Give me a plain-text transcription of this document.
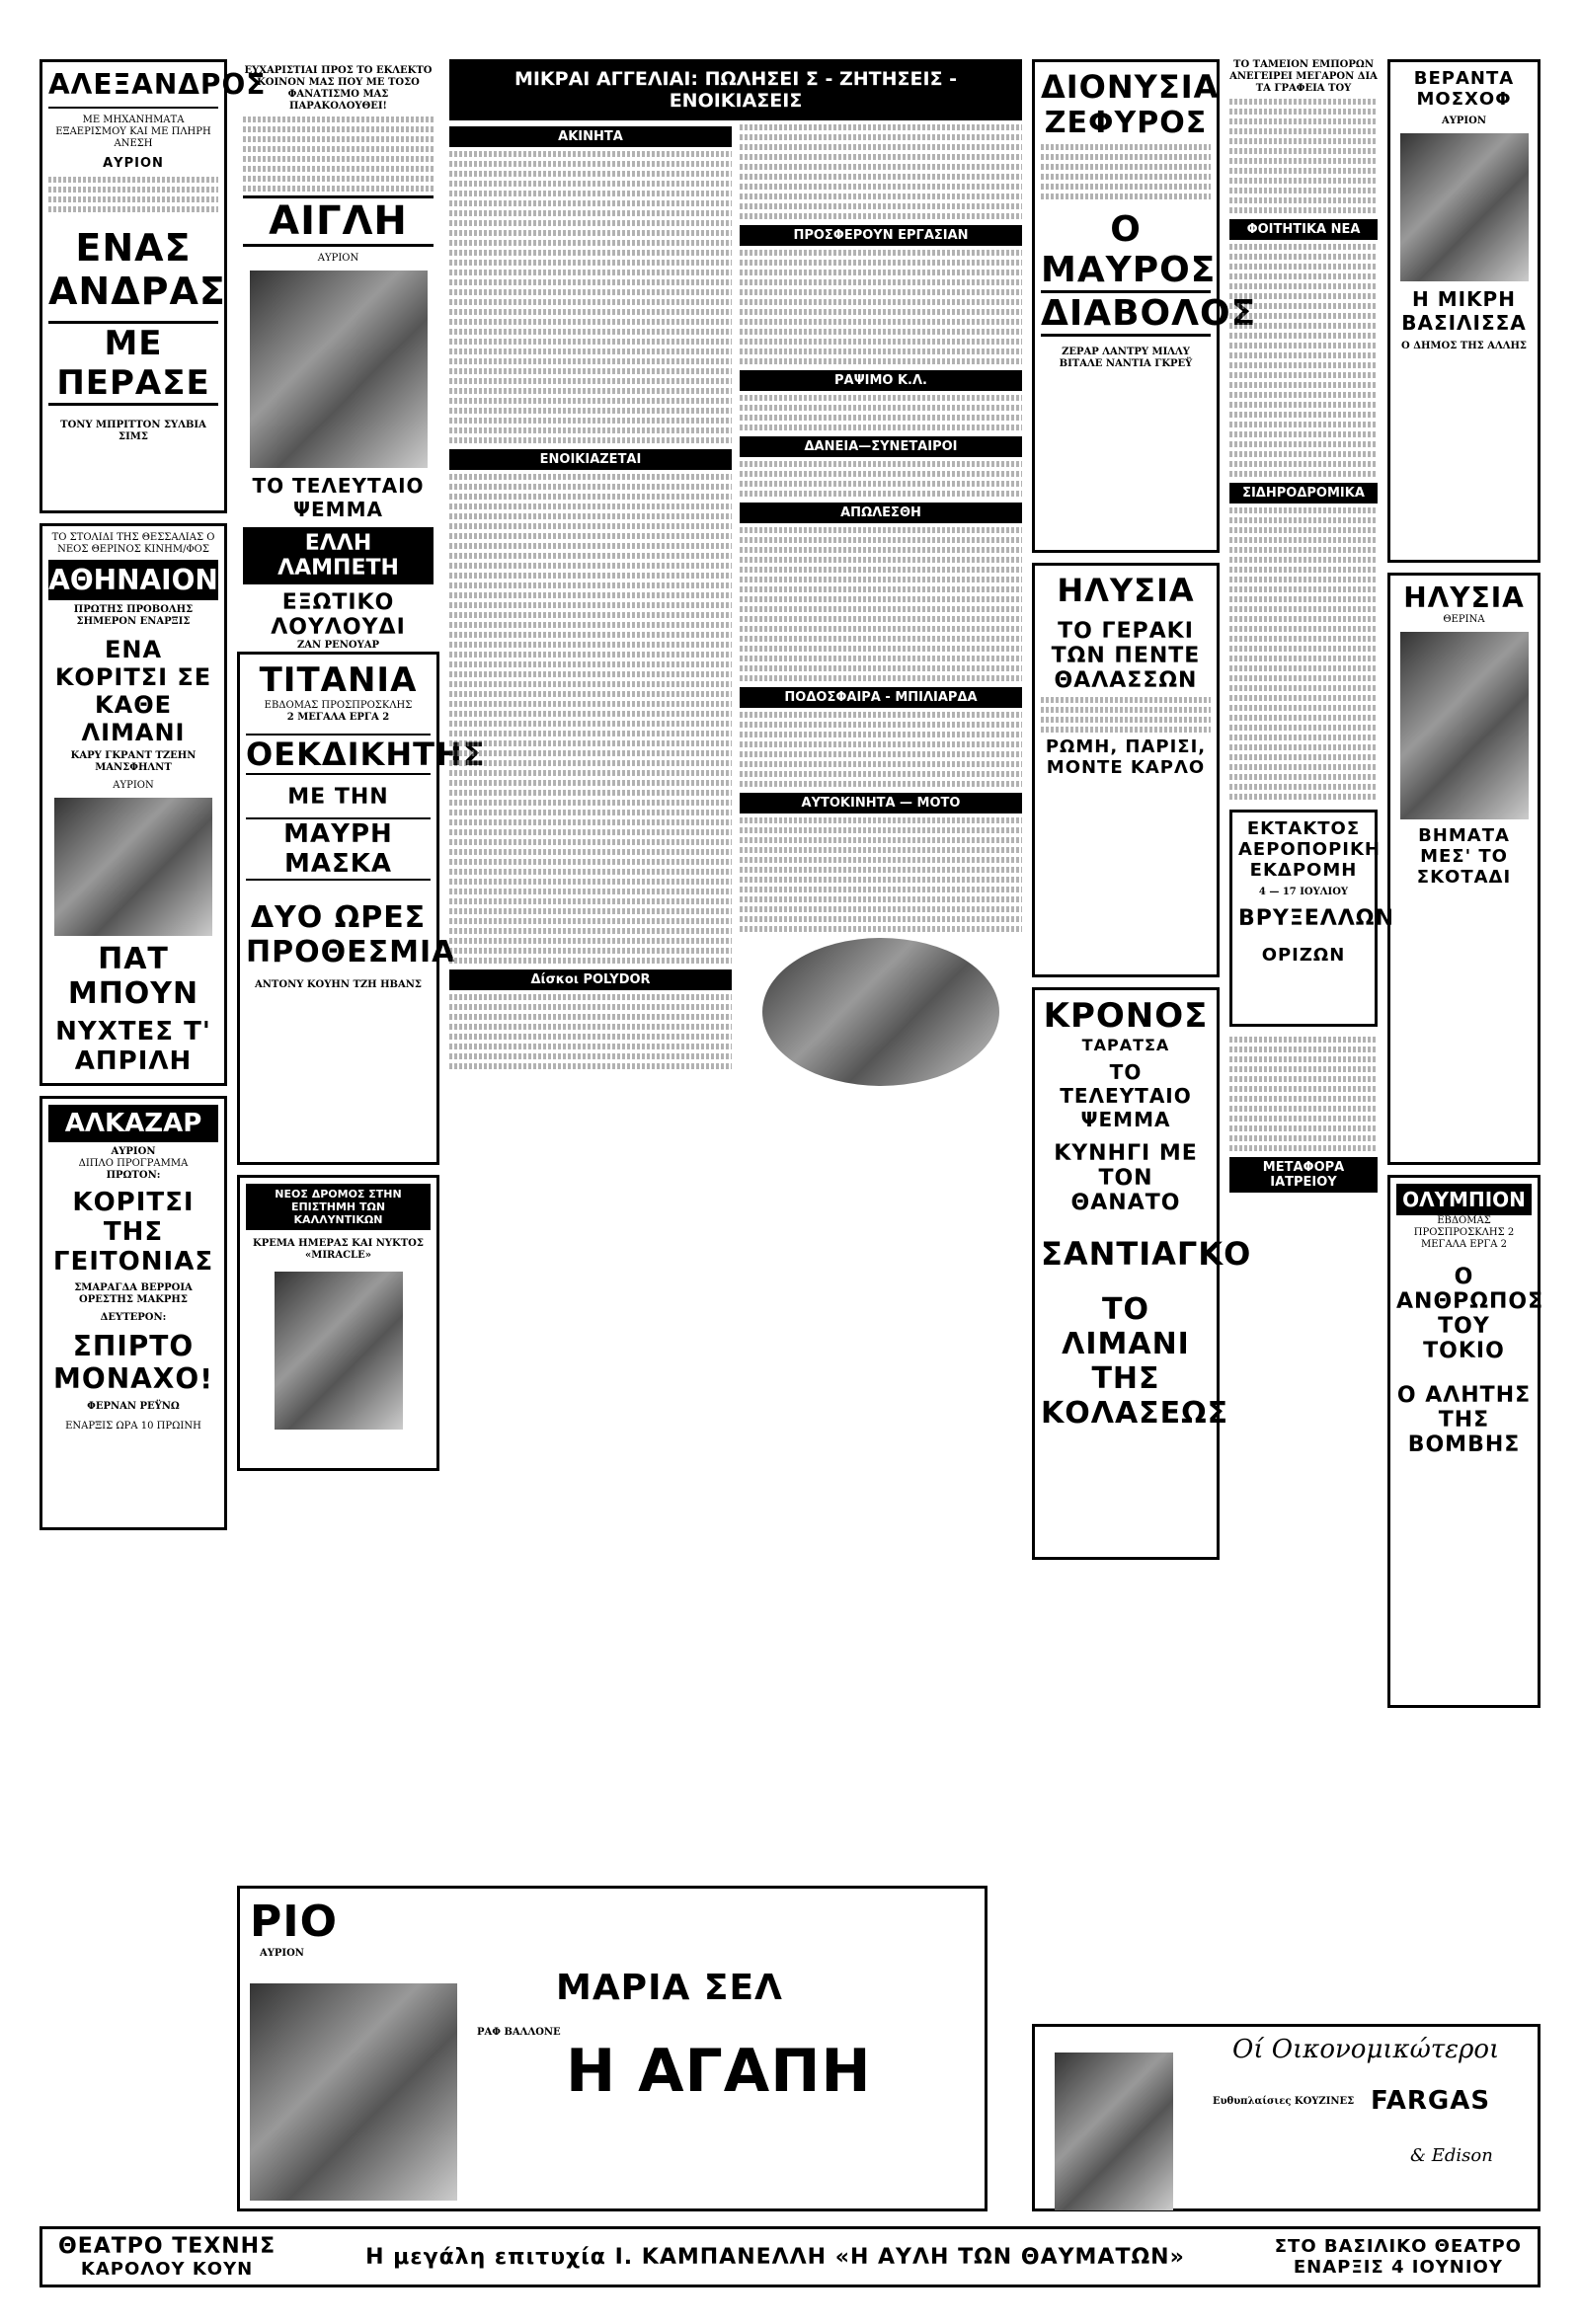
ΑΛΕΞΑΝΔΡΟΣ
ΜΕ ΜΗΧΑΝΗΜΑΤΑ ΕΞΑΕΡΙΣΜΟΥ ΚΑΙ ΜΕ ΠΛΗΡΗ ΑΝΕΣΗ
ΑΥΡΙΟΝ
ΕΝΑΣ ΑΝΔΡΑΣ
ΜΕ ΠΕΡΑΣΕ
ΤΟΝΥ ΜΠΡΙΤΤΟΝ ΣΥΛΒΙΑ ΣΙΜΣ
ΤΟ ΣΤΟΛΙΔΙ ΤΗΣ ΘΕΣΣΑΛΙΑΣ Ο ΝΕΟΣ ΘΕΡΙΝΟΣ ΚΙΝΗΜ/ΦΟΣ
ΑΘΗΝΑΙΟΝ
ΠΡΩΤΗΣ ΠΡΟΒΟΛΗΣ ΣΗΜΕΡΟΝ ΕΝΑΡΞΙΣ
ΕΝΑ ΚΟΡΙΤΣΙ ΣΕ ΚΑΘΕ ΛΙΜΑΝΙ
ΚΑΡΥ ΓΚΡΑΝΤ ΤΖΕΗΝ ΜΑΝΣΦΗΛΝΤ
ΑΥΡΙΟΝ
ΠΑΤ ΜΠΟΥΝ
ΝΥΧΤΕΣ Τ' ΑΠΡΙΛΗ
ΑΛΚΑΖΑΡ
ΑΥΡΙΟΝ
ΔΙΠΛΟ ΠΡΟΓΡΑΜΜΑ
ΠΡΩΤΟΝ:
ΚΟΡΙΤΣΙ ΤΗΣ ΓΕΙΤΟΝΙΑΣ
ΣΜΑΡΑΓΔΑ ΒΕΡΡΟΙΑ ΟΡΕΣΤΗΣ ΜΑΚΡΗΣ
ΔΕΥΤΕΡΟΝ:
ΣΠΙΡΤΟ ΜΟΝΑΧΟ!
ΦΕΡΝΑΝ ΡΕΫΝΩ
ΕΝΑΡΞΙΣ ΩΡΑ 10 ΠΡΩΙΝΗ
ΕΥΧΑΡΙΣΤΙΑΙ ΠΡΟΣ ΤΟ ΕΚΛΕΚΤΟ ΚΟΙΝΟΝ ΜΑΣ ΠΟΥ ΜΕ ΤΟΣΟ ΦΑΝΑΤΙΣΜΟ ΜΑΣ ΠΑΡΑΚΟΛΟΥΘΕΙ!
ΑΙΓΛΗ
ΑΥΡΙΟΝ
ΤΟ ΤΕΛΕΥΤΑΙΟ ΨΕΜΜΑ
ΕΛΛΗ ΛΑΜΠΕΤΗ
ΕΞΩΤΙΚΟ ΛΟΥΛΟΥΔΙ
ΖΑΝ ΡΕΝΟΥΑΡ
ΤΙΤΑΝΙΑ
ΕΒΔΟΜΑΣ ΠΡΟΣΠΡΟΣΚΛΗΣ
2 ΜΕΓΑΛΑ ΕΡΓΑ 2
ΟΕΚΔΙΚΗΤΗΣ
ΜΕ ΤΗΝ
ΜΑΥΡΗ ΜΑΣΚΑ
ΔΥΟ ΩΡΕΣ ΠΡΟΘΕΣΜΙΑ
ΑΝΤΟΝΥ ΚΟΥΗΝ ΤΖΗ ΗΒΑΝΣ
ΝΕΟΣ ΔΡΟΜΟΣ ΣΤΗΝ ΕΠΙΣΤΗΜΗ ΤΩΝ ΚΑΛΛΥΝΤΙΚΩΝ
ΚΡΕΜΑ ΗΜΕΡΑΣ ΚΑΙ ΝΥΚΤΟΣ «MIRACLE»
ΜΙΚΡΑΙ ΑΓΓΕΛΙΑΙ: ΠΩΛΗΣΕΙ Σ - ΖΗΤΗΣΕΙΣ - ΕΝΟΙΚΙΑΣΕΙΣ
ΑΚΙΝΗΤΑ
ΕΝΟΙΚΙΑΖΕΤΑΙ
Δίσκοι POLYDOR
ΠΡΟΣΦΕΡΟΥΝ ΕΡΓΑΣΙΑΝ
ΡΑΨΙΜΟ Κ.Λ.
ΔΑΝΕΙΑ—ΣΥΝΕΤΑΙΡΟΙ
ΑΠΩΛΕΣΘΗ
ΠΟΔΟΣΦΑΙΡΑ - ΜΠΙΛΙΑΡΔΑ
ΑΥΤΟΚΙΝΗΤΑ — ΜΟΤΟ
ΔΙΟΝΥΣΙΑ
ΖΕΦΥΡΟΣ
Ο ΜΑΥΡΟΣ
ΔΙΑΒΟΛΟΣ
ΖΕΡΑΡ ΛΑΝΤΡΥ ΜΙΛΛΥ ΒΙΤΑΛΕ ΝΑΝΤΙΑ ΓΚΡΕΫ
ΗΛΥΣΙΑ
ΤΟ ΓΕΡΑΚΙ ΤΩΝ ΠΕΝΤΕ ΘΑΛΑΣΣΩΝ
ΡΩΜΗ, ΠΑΡΙΣΙ, ΜΟΝΤΕ ΚΑΡΛΟ
ΚΡΟΝΟΣ
ΤΑΡΑΤΣΑ
ΤΟ ΤΕΛΕΥΤΑΙΟ ΨΕΜΜΑ
ΚΥΝΗΓΙ ΜΕ ΤΟΝ ΘΑΝΑΤΟ
ΣΑΝΤΙΑΓΚΟ
ΤΟ ΛΙΜΑΝΙ ΤΗΣ ΚΟΛΑΣΕΩΣ
ΤΟ ΤΑΜΕΙΟΝ ΕΜΠΟΡΩΝ ΑΝΕΓΕΙΡΕΙ ΜΕΓΑΡΟΝ ΔΙΑ ΤΑ ΓΡΑΦΕΙΑ ΤΟΥ
ΦΟΙΤΗΤΙΚΑ ΝΕΑ
ΣΙΔΗΡΟΔΡΟΜΙΚΑ
ΕΚΤΑΚΤΟΣ ΑΕΡΟΠΟΡΙΚΗ ΕΚΔΡΟΜΗ
4 — 17 ΙΟΥΛΙΟΥ
ΒΡΥΞΕΛΛΩΝ
ΟΡΙΖΩΝ
ΜΕΤΑΦΟΡΑ ΙΑΤΡΕΙΟΥ
ΒΕΡΑΝΤΑ ΜΟΣΧΟΦ
ΑΥΡΙΟΝ
Η ΜΙΚΡΗ ΒΑΣΙΛΙΣΣΑ
Ο ΔΗΜΟΣ ΤΗΣ ΑΛΛΗΣ
ΗΛΥΣΙΑ
ΘΕΡΙΝΑ
ΒΗΜΑΤΑ ΜΕΣ' ΤΟ ΣΚΟΤΑΔΙ
ΟΛΥΜΠΙΟΝ
ΕΒΔΟΜΑΣ ΠΡΟΣΠΡΟΣΚΛΗΣ 2 ΜΕΓΑΛΑ ΕΡΓΑ 2
Ο ΑΝΘΡΩΠΟΣ ΤΟΥ ΤΟΚΙΟ
Ο ΑΛΗΤΗΣ ΤΗΣ ΒΟΜΒΗΣ
ΡΙΟ
ΑΥΡΙΟΝ
ΜΑΡΙΑ ΣΕΛ
Η ΑΓΑΠΗ
ΡΑΦ ΒΑΛΛΟΝΕ
Οί Οικονομικώτεροι
Ευθυπλαίσιες ΚΟΥΖΙΝΕΣ FARGAS
& Edison
ΘΕΑΤΡΟ ΤΕΧΝΗΣ
ΚΑΡΟΛΟΥ ΚΟΥΝ	Η μεγάλη επιτυχία Ι. ΚΑΜΠΑΝΕΛΛΗ «Η ΑΥΛΗ ΤΩΝ ΘΑΥΜΑΤΩΝ»	ΣΤΟ ΒΑΣΙΛΙΚΟ ΘΕΑΤΡΟ
ΕΝΑΡΞΙΣ 4 ΙΟΥΝΙΟΥ
